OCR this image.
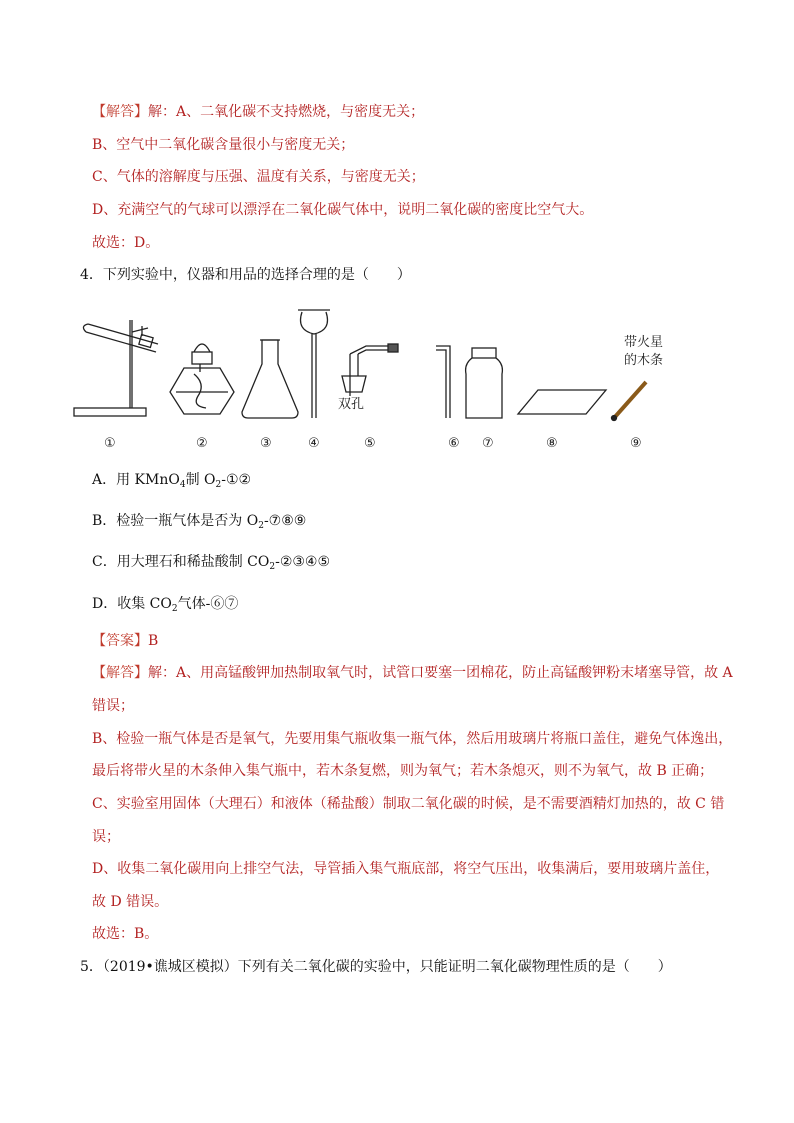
【解答】解：A、二氧化碳不支持燃烧，与密度无关；
B、空气中二氧化碳含量很小与密度无关；
C、气体的溶解度与压强、温度有关系，与密度无关；
D、充满空气的气球可以漂浮在二氧化碳气体中，说明二氧化碳的密度比空气大。
故选：D。
4．下列实验中，仪器和用品的选择合理的是（　　）
双孔
带火星
的木条
①	②	③	④	⑤	⑥ ⑦	⑧	⑨
A．用 KMnO$_4$制 $O_2-①②$
B．检验一瓶气体是否为 $O_2$-⑦⑧⑨
C．用大理石和稀盐酸制 $CO_2$-②③④⑤
D．收集 $CO_2$气体-⑥⑦
【答案】B
【解答】解：A、用高锰酸钾加热制取氧气时，试管口要塞一团棉花，防止高锰酸钾粉末堵塞导管，故 A
错误；
B、检验一瓶气体是否是氧气，先要用集气瓶收集一瓶气体，然后用玻璃片将瓶口盖住，避免气体逸出，
最后将带火星的木条伸入集气瓶中，若木条复燃，则为氧气；若木条熄灭，则不为氧气，故 B 正确；
C、实验室用固体（大理石）和液体（稀盐酸）制取二氧化碳的时候，是不需要酒精灯加热的，故 C 错
误；
D、收集二氧化碳用向上排空气法，导管插入集气瓶底部，将空气压出，收集满后，要用玻璃片盖住，
故 D 错误。
故选：B。
5．（2019•谯城区模拟）下列有关二氧化碳的实验中，只能证明二氧化碳物理性质的是（　　）
